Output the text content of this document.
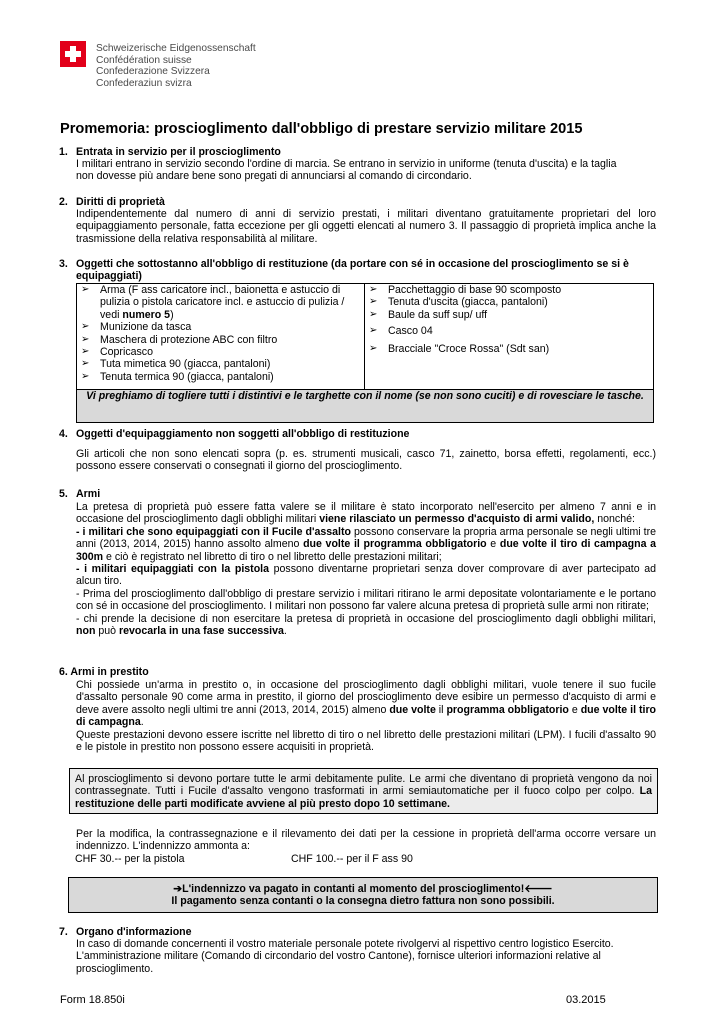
Schweizerische Eidgenossenschaft
Confédération suisse
Confederazione Svizzera
Confederaziun svizra
Promemoria: proscioglimento dall'obbligo di prestare servizio militare 2015
1. Entrata in servizio per il proscioglimento
I militari entrano in servizio secondo l'ordine di marcia. Se entrano in servizio in uniforme (tenuta d'uscita) e la taglia
non dovesse più andare bene sono pregati di annunciarsi al comando di circondario.
2. Diritti di proprietà
Indipendentemente dal numero di anni di servizio prestati, i militari diventano gratuitamente proprietari del loro equipaggiamento personale, fatta eccezione per gli oggetti elencati al numero 3. Il passaggio di proprietà implica anche la trasmissione della relativa responsabilità al militare.
3. Oggetti che sottostanno all'obbligo di restituzione (da portare con sé in occasione del proscioglimento se si è
equipaggiati)
➢ Arma (F ass caricatore incl., baionetta e astuccio di pulizia o pistola caricatore incl. e astuccio di pulizia / vedi numero 5)
➢ Munizione da tasca
➢ Maschera di protezione ABC con filtro
➢ Copricasco
➢ Tuta mimetica 90 (giacca, pantaloni)
➢ Tenuta termica 90 (giacca, pantaloni)

➢ Pacchettaggio di base 90 scomposto
➢ Tenuta d'uscita (giacca, pantaloni)
➢ Baule da suff sup/ uff
➢ Casco 04
➢ Bracciale "Croce Rossa" (Sdt san)

Vi preghiamo di togliere tutti i distintivi e le targhette con il nome (se non sono cuciti) e di rovesciare le tasche.
4. Oggetti d'equipaggiamento non soggetti all'obbligo di restituzione
Gli articoli che non sono elencati sopra (p. es. strumenti musicali, casco 71, zainetto, borsa effetti, regolamenti, ecc.) possono essere conservati o consegnati il giorno del proscioglimento.
5. Armi

La pretesa di proprietà può essere fatta valere se il militare è stato incorporato nell'esercito per almeno 7 anni e in occasione del proscioglimento dagli obblighi militari viene rilasciato un permesso d'acquisto di armi valido, nonché:

- i militari che sono equipaggiati con il Fucile d'assalto possono conservare la propria arma personale se negli ultimi tre anni (2013, 2014, 2015) hanno assolto almeno due volte il programma obbligatorio e due volte il tiro di campagna a 300m e ciò è registrato nel libretto di tiro o nel libretto delle prestazioni militari;

- i militari equipaggiati con la pistola possono diventarne proprietari senza dover comprovare di aver partecipato ad alcun tiro.

- Prima del proscioglimento dall'obbligo di prestare servizio i militari ritirano le armi depositate volontariamente e le portano con sé in occasione del proscioglimento. I militari non possono far valere alcuna pretesa di proprietà sulle armi non ritirate;

- chi prende la decisione di non esercitare la pretesa di proprietà in occasione del proscioglimento dagli obblighi militari, non può revocarla in una fase successiva.

6. Armi in prestito

Chi possiede un'arma in prestito o, in occasione del proscioglimento dagli obblighi militari, vuole tenere il suo fucile d'assalto personale 90 come arma in prestito, il giorno del proscioglimento deve esibire un permesso d'acquisto di armi e deve avere assolto negli ultimi tre anni (2013, 2014, 2015) almeno due volte il programma obbligatorio e due volte il tiro di campagna.

Queste prestazioni devono essere iscritte nel libretto di tiro o nel libretto delle prestazioni militari (LPM). I fucili d'assalto 90 e le pistole in prestito non possono essere acquisiti in proprietà.

Al proscioglimento si devono portare tutte le armi debitamente pulite. Le armi che diventano di proprietà vengono da noi contrassegnate. Tutti i Fucile d'assalto vengono trasformati in armi semiautomatiche per il fuoco colpo per colpo. La restituzione delle parti modificate avviene al più presto dopo 10 settimane.

Per la modifica, la contrassegnazione e il rilevamento dei dati per la cessione in proprietà dell'arma occorre versare un indennizzo. L'indennizzo ammonta a:

CHF 30.-- per la pistola	CHF 100.-- per il F ass 90
➔L'indennizzo va pagato in contanti al momento del proscioglimento!🡐
Il pagamento senza contanti o la consegna dietro fattura non sono possibili.
7. Organo d'informazione
In caso di domande concernenti il vostro materiale personale potete rivolgervi al rispettivo centro logistico Esercito. L'amministrazione militare (Comando di circondario del vostro Cantone), fornisce ulteriori informazioni relative al proscioglimento.
Form 18.850i	03.2015
